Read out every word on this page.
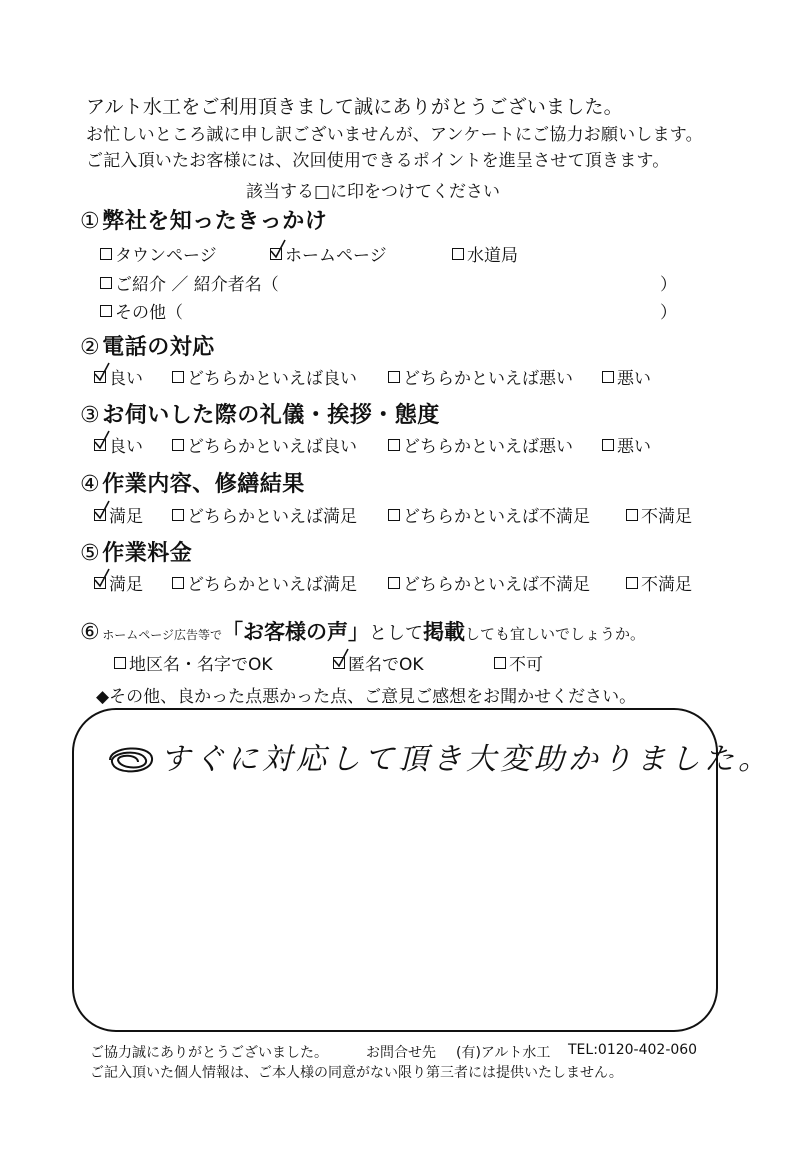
アルト水工をご利用頂きまして誠にありがとうございました。
お忙しいところ誠に申し訳ございませんが、アンケートにご協力お願いします。
ご記入頂いたお客様には、次回使用できるポイントを進呈させて頂きます。
該当する□に印をつけてください
①弊社を知ったきっかけ
タウンページ	ホームページ	水道局
ご紹介 ／ 紹介者名（	）
その他（	）
②電話の対応
良い	どちらかといえば良い	どちらかといえば悪い	悪い
③お伺いした際の礼儀・挨拶・態度
良い	どちらかといえば良い	どちらかといえば悪い	悪い
④作業内容、修繕結果
満足	どちらかといえば満足	どちらかといえば不満足	不満足
⑤作業料金
満足	どちらかといえば満足	どちらかといえば不満足	不満足
⑥ ホームページ広告等で「お客様の声」として掲載しても宜しいでしょうか。
地区名・名字でOK	匿名でOK	不可
◆その他、良かった点悪かった点、ご意見ご感想をお聞かせください。
すぐに対応して頂き大変助かりました。
ご協力誠にありがとうございました。	お問合せ先 (有)アルト水工 TEL:0120-402-060
ご記入頂いた個人情報は、ご本人様の同意がない限り第三者には提供いたしません。
